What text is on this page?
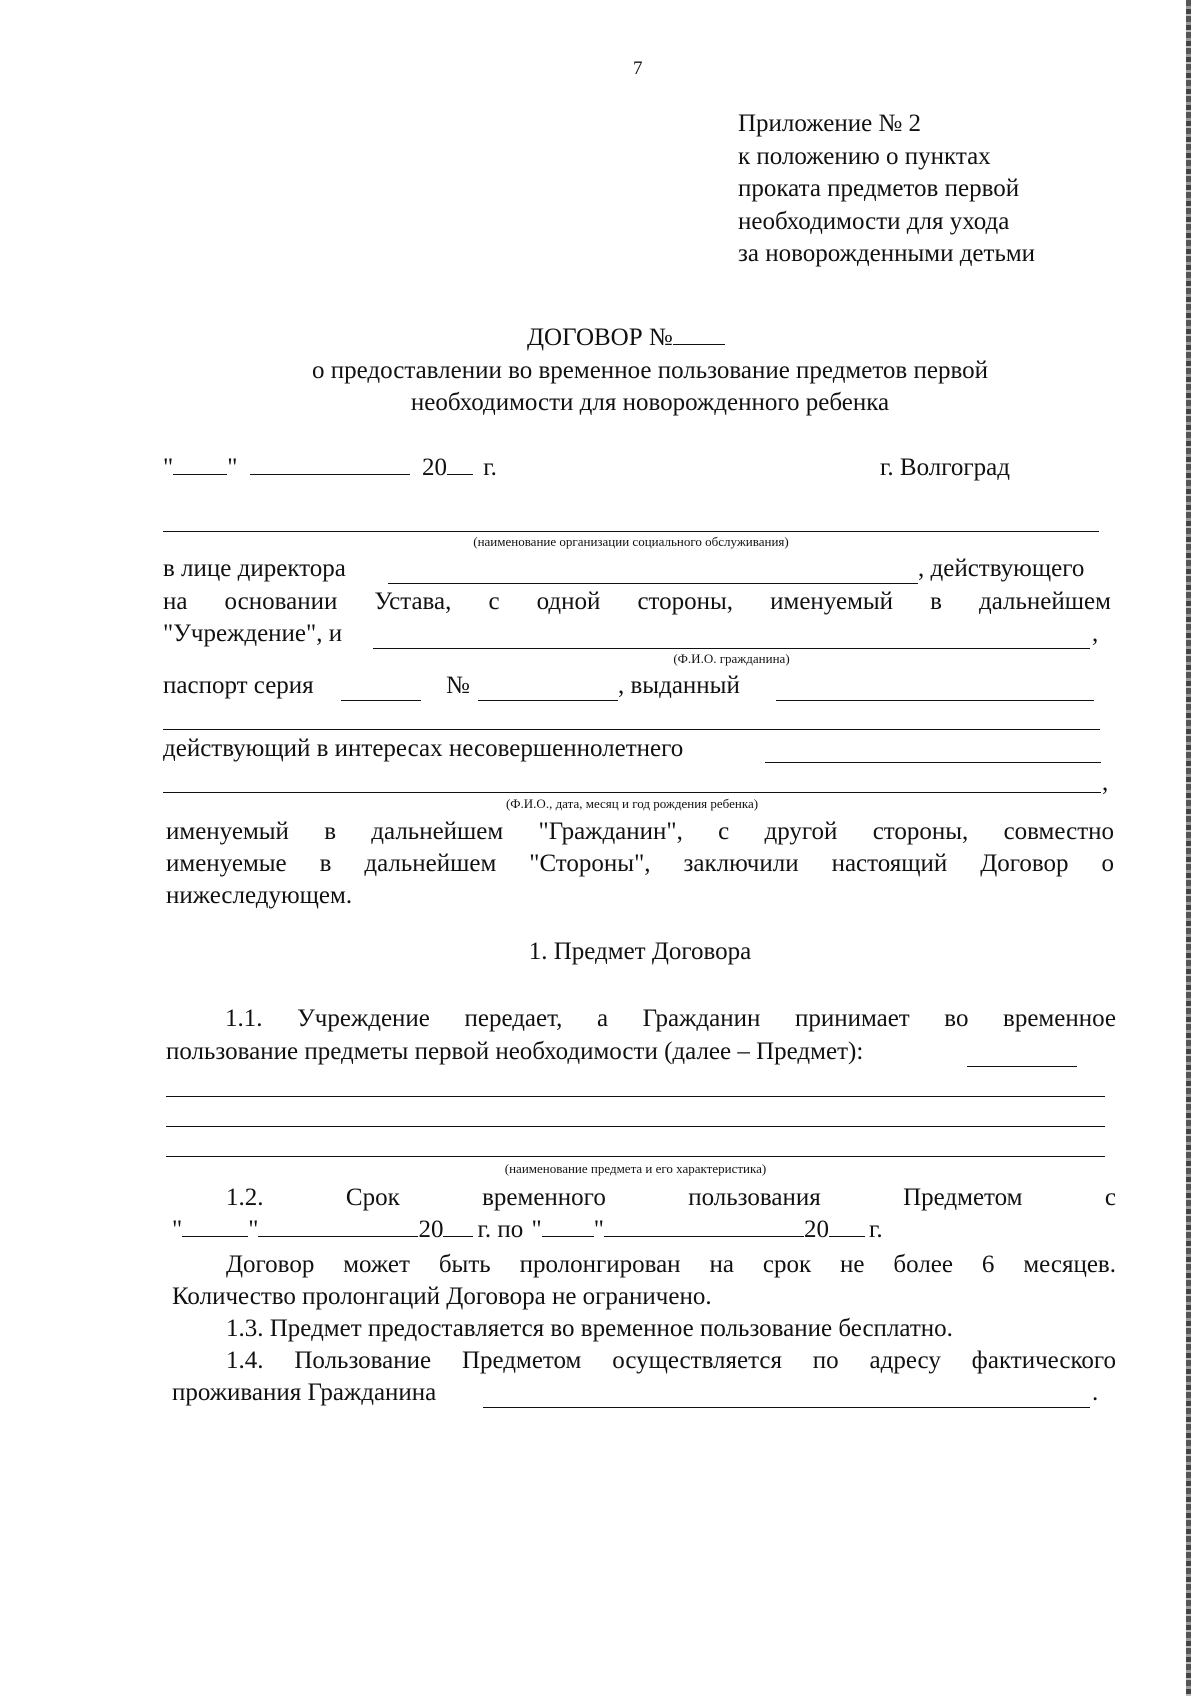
7
Приложение № 2
к положению о пунктах
проката предметов первой
необходимости для ухода
за новорожденными детьми
ДОГОВОР №
о предоставлении во временное пользование предметов первой
необходимости для новорожденного ребенка
" "	20 г.	г. Волгоград
(наименование организации социального обслуживания)
в лице директора	, действующего
на основании Устава, с одной стороны, именуемый в дальнейшем
"Учреждение", и	,
(Ф.И.О. гражданина)
паспорт серия	№	, выданный
действующий в интересах несовершеннолетнего
,
(Ф.И.О., дата, месяц и год рождения ребенка)
именуемый в дальнейшем "Гражданин", с другой стороны, совместно
именуемые в дальнейшем "Стороны", заключили настоящий Договор о
нижеследующем.
1. Предмет Договора
1.1. Учреждение передает, а Гражданин принимает во временное
пользование предметы первой необходимости (далее – Предмет):
(наименование предмета и его характеристика)
1.2.	Срок	временного	пользования	Предметом	с
"	"	20 г. по " "	20 г.
Договор может быть пролонгирован на срок не более 6 месяцев.
Количество пролонгаций Договора не ограничено.
1.3. Предмет предоставляется во временное пользование бесплатно.
1.4. Пользование Предметом осуществляется по адресу фактического
проживания Гражданина	.
